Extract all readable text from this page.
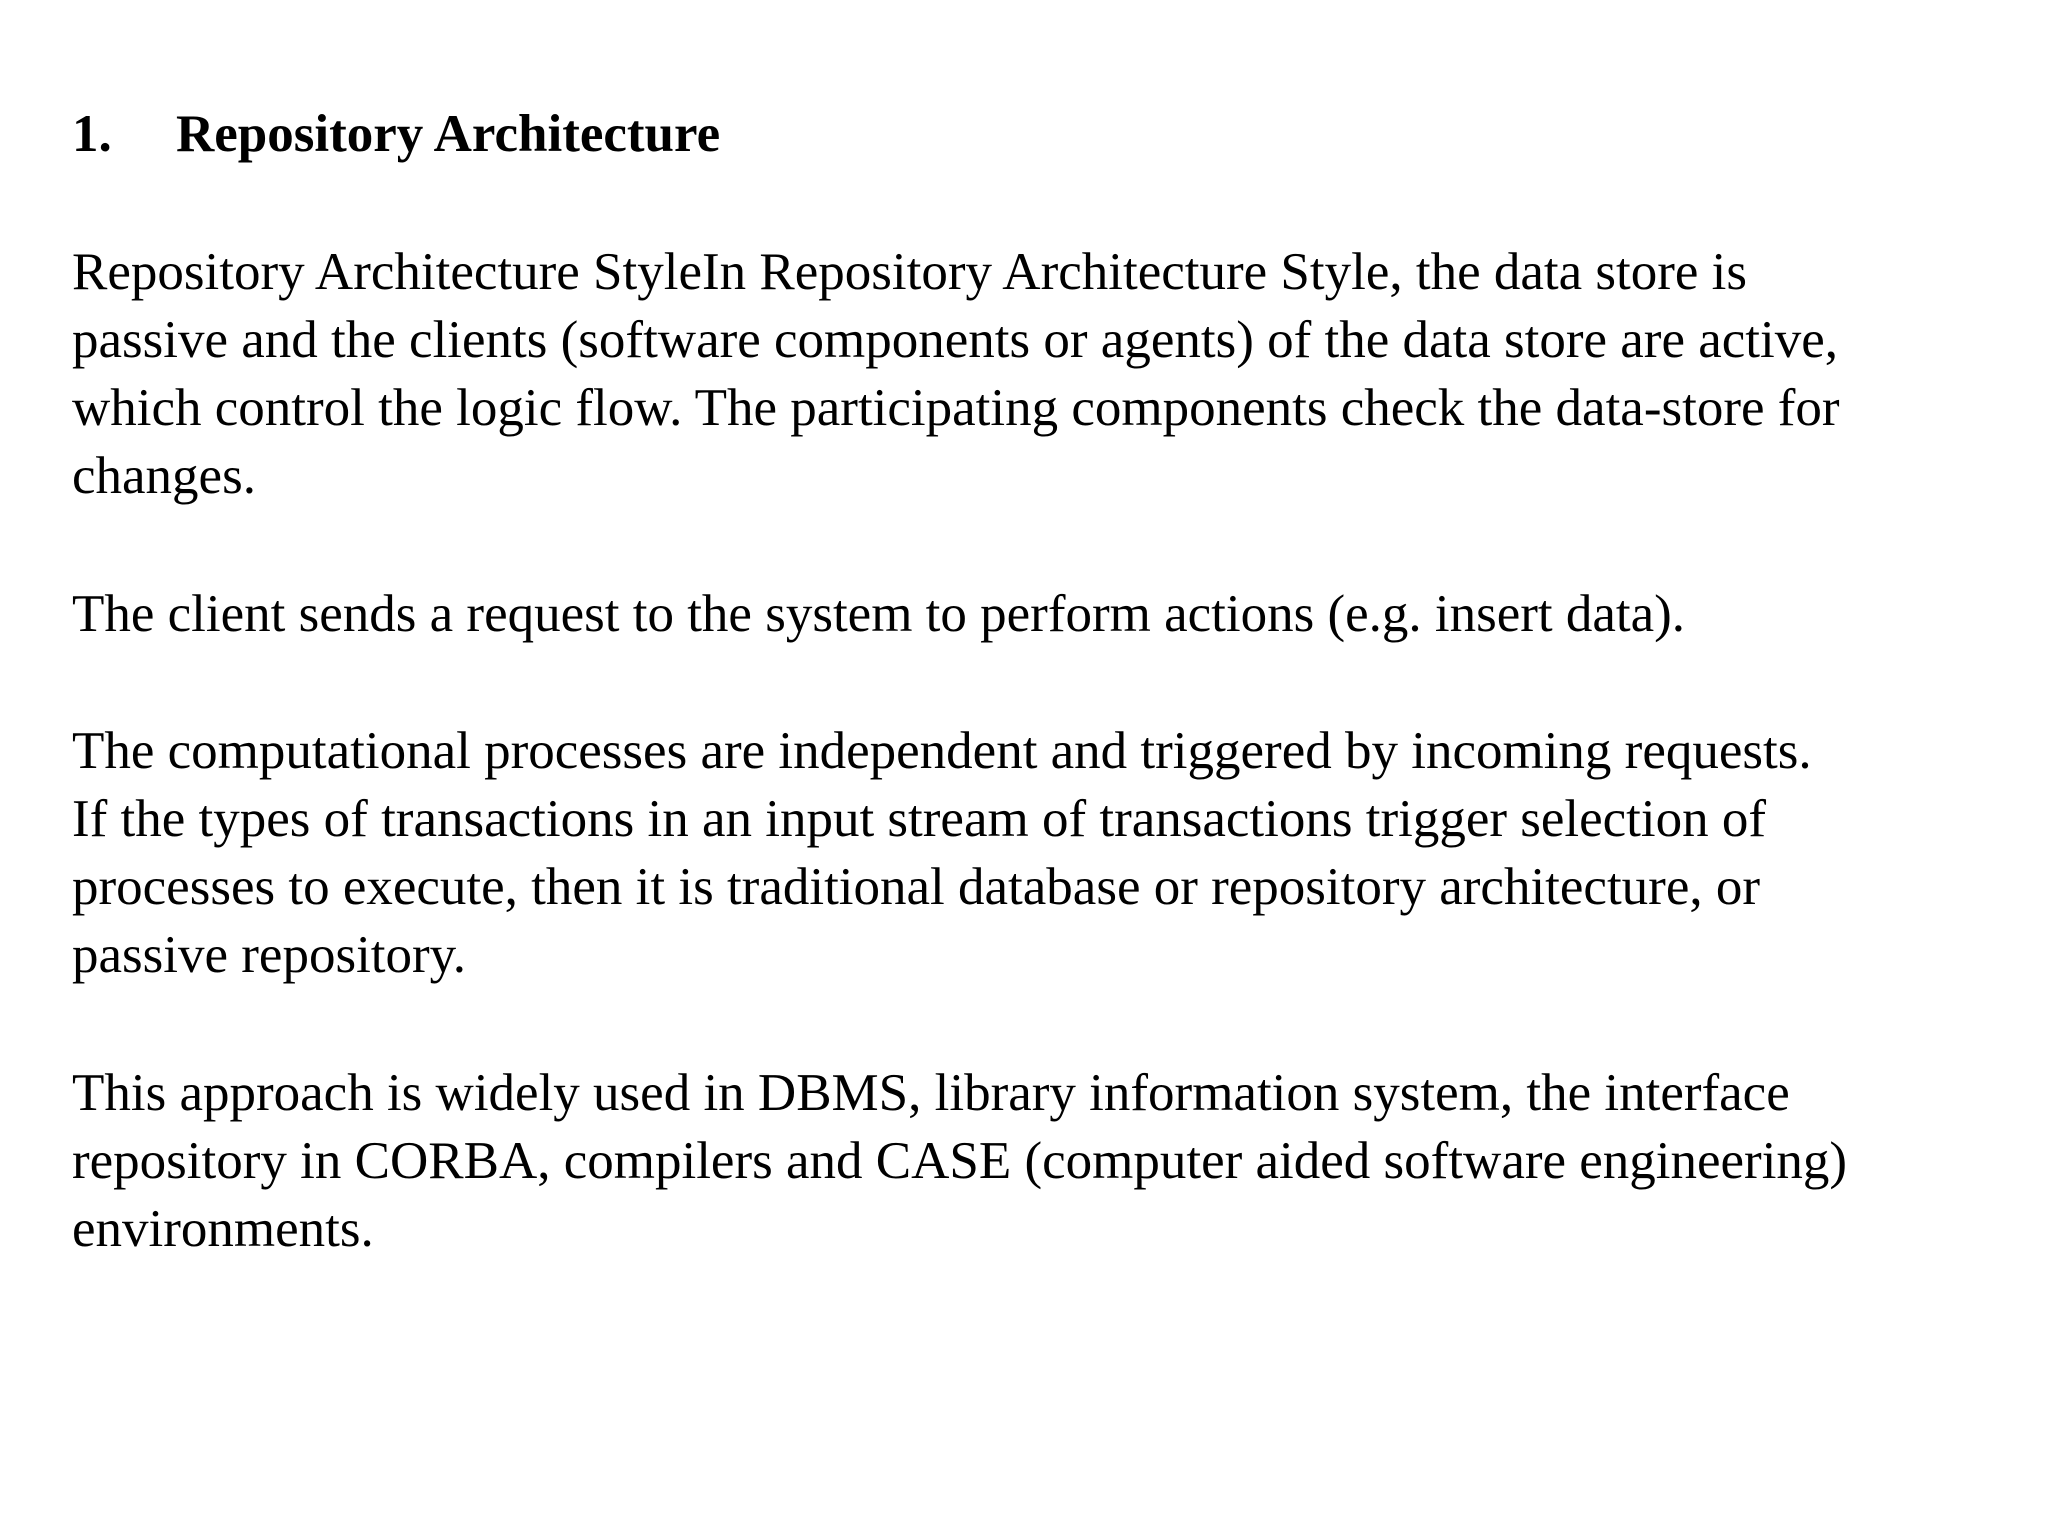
1. Repository Architecture

Repository Architecture StyleIn Repository Architecture Style, the data store is
passive and the clients (software components or agents) of the data store are active,
which control the logic flow. The participating components check the data-store for
changes.

The client sends a request to the system to perform actions (e.g. insert data).

The computational processes are independent and triggered by incoming requests.
If the types of transactions in an input stream of transactions trigger selection of
processes to execute, then it is traditional database or repository architecture, or
passive repository.

This approach is widely used in DBMS, library information system, the interface
repository in CORBA, compilers and CASE (computer aided software engineering)
environments.
